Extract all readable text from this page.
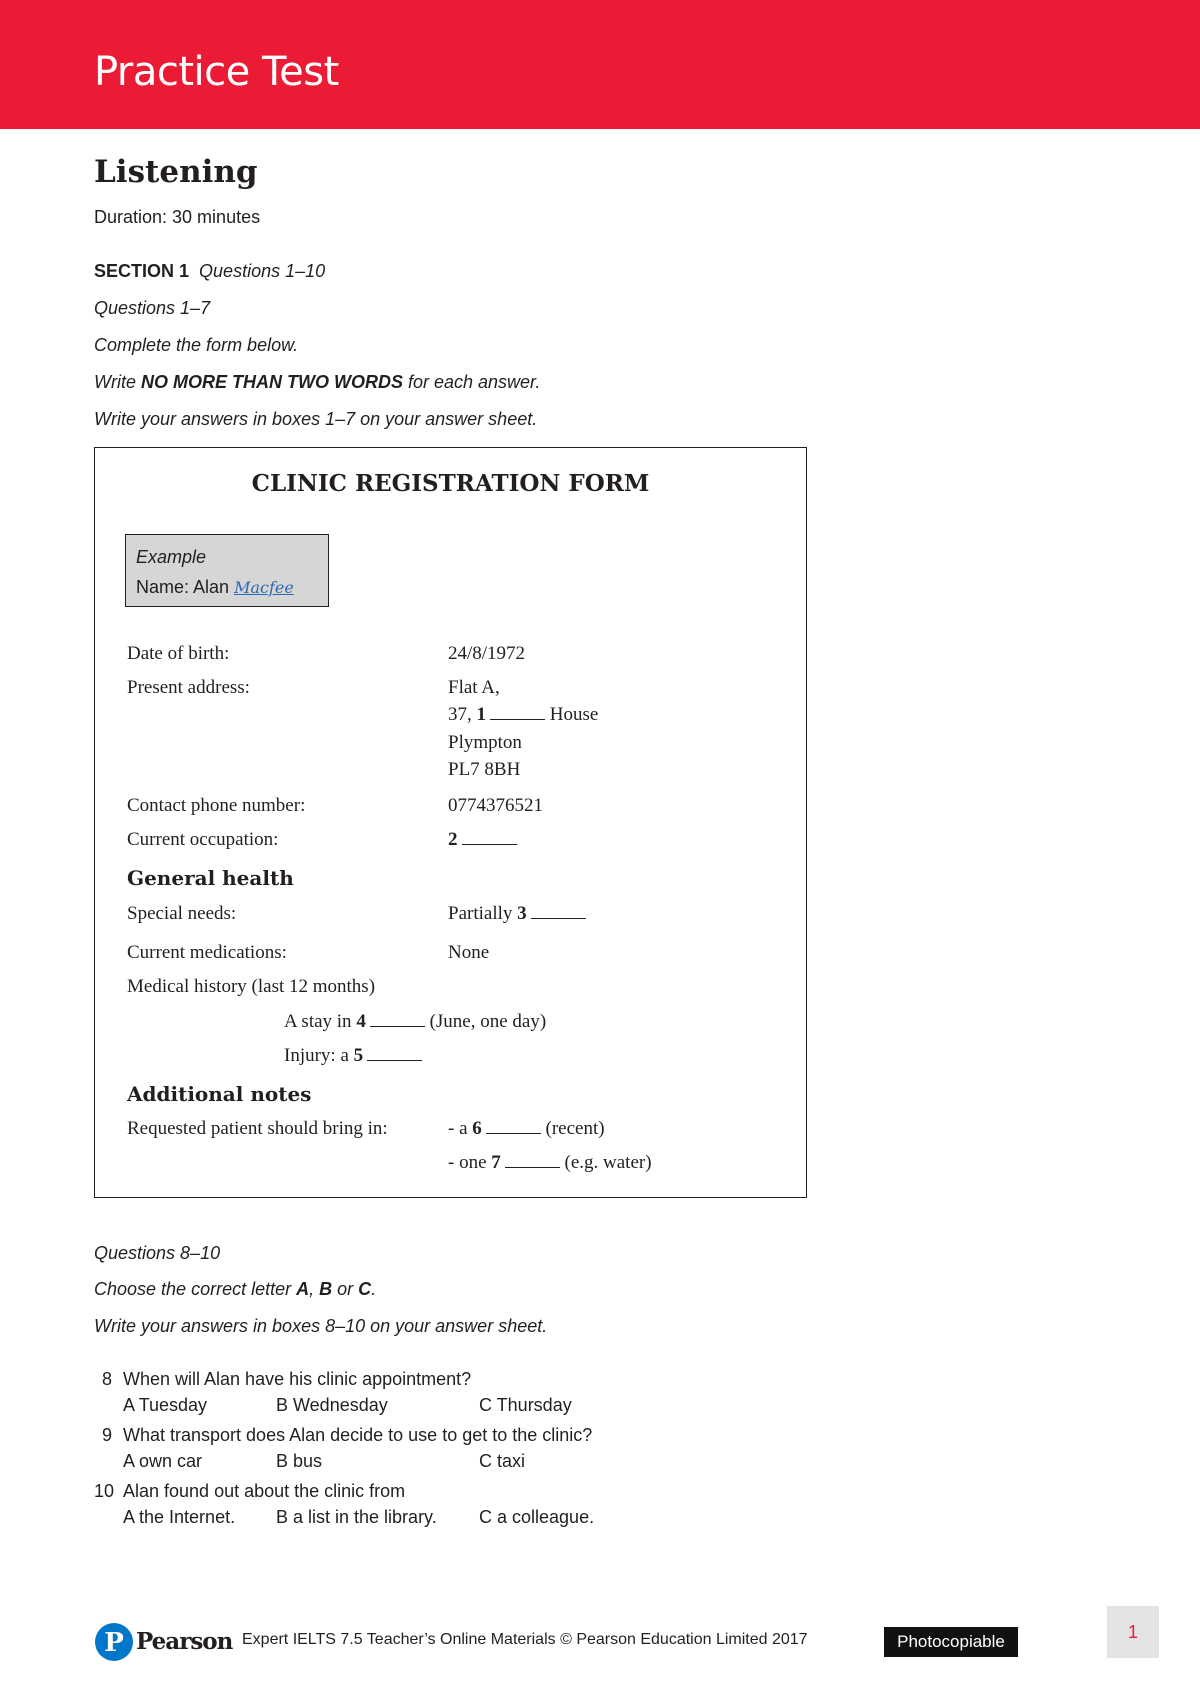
Practice Test
Listening
Duration: 30 minutes
SECTION 1 Questions 1–10
Questions 1–7
Complete the form below.
Write NO MORE THAN TWO WORDS for each answer.
Write your answers in boxes 1–7 on your answer sheet.
CLINIC REGISTRATION FORM
Example
Name: Alan Macfee
Date of birth:	24/8/1972
Present address:	Flat A,
37, 1	House
Plympton
PL7 8BH
Contact phone number:	0774376521
Current occupation:	2
General health
Special needs:	Partially 3
Current medications:	None
Medical history (last 12 months)
A stay in 4	(June, one day)
Injury: a 5
Additional notes
Requested patient should bring in:	- a 6	(recent)
- one 7	(e.g. water)
Questions 8–10
Choose the correct letter A, B or C.
Write your answers in boxes 8–10 on your answer sheet.
8 When will Alan have his clinic appointment?
A Tuesday	B Wednesday	C Thursday
9 What transport does Alan decide to use to get to the clinic?
A own car	B bus	C taxi
10 Alan found out about the clinic from
A the Internet. B a list in the library. C a colleague.
P Pearson Expert IELTS 7.5 Teacher’s Online Materials © Pearson Education Limited 2017	Photocopiable	1
